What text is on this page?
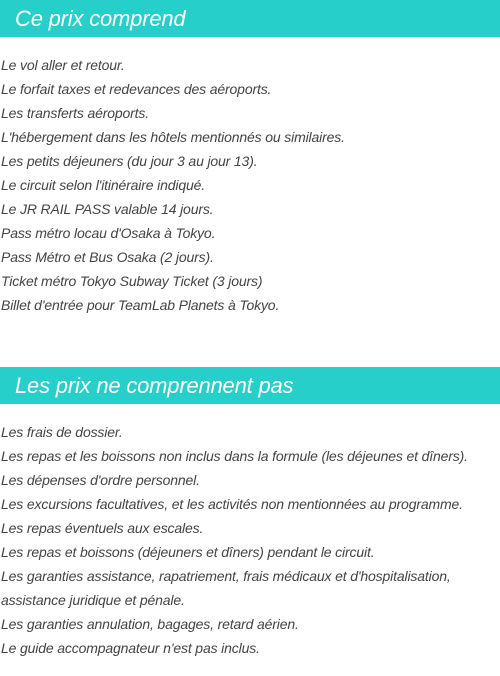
Ce prix comprend
Le vol aller et retour.
Le forfait taxes et redevances des aéroports.
Les transferts aéroports.
L'hébergement dans les hôtels mentionnés ou similaires.
Les petits déjeuners (du jour 3 au jour 13).
Le circuit selon l'itinéraire indiqué.
Le JR RAIL PASS valable 14 jours.
Pass métro locau d'Osaka à Tokyo.
Pass Métro et Bus Osaka (2 jours).
Ticket métro Tokyo Subway Ticket (3 jours)
Billet d'entrée pour TeamLab Planets à Tokyo.
Les prix ne comprennent pas
Les frais de dossier.
Les repas et les boissons non inclus dans la formule (les déjeunes et dîners).
Les dépenses d'ordre personnel.
Les excursions facultatives, et les activités non mentionnées au programme.
Les repas éventuels aux escales.
Les repas et boissons (déjeuners et dîners) pendant le circuit.
Les garanties assistance, rapatriement, frais médicaux et d'hospitalisation, assistance juridique et pénale.
Les garanties annulation, bagages, retard aérien.
Le guide accompagnateur n'est pas inclus.
